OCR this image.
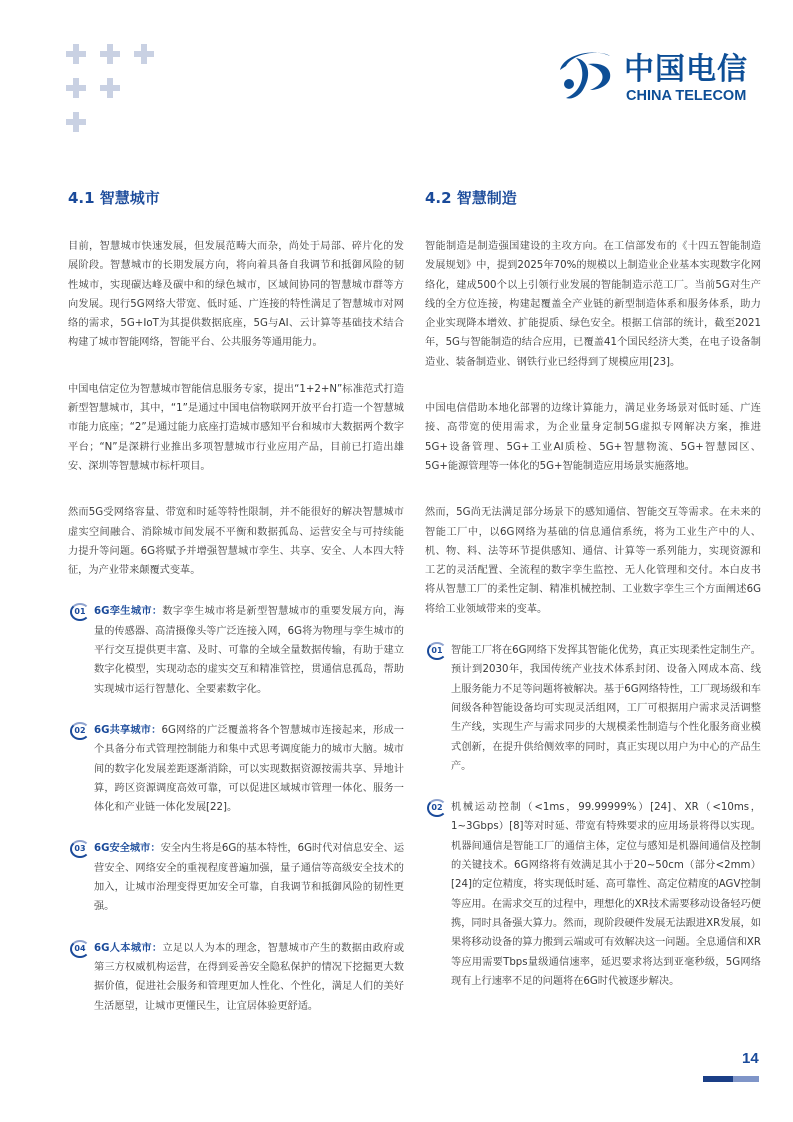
中国电信
CHINA TELECOM
4.1 智慧城市

目前，智慧城市快速发展，但发展范畴大而杂，尚处于局部、碎片化的发展阶段。智慧城市的长期发展方向，将向着具备自我调节和抵御风险的韧性城市，实现碳达峰及碳中和的绿色城市，区域间协同的智慧城市群等方向发展。现行5G网络大带宽、低时延、广连接的特性满足了智慧城市对网络的需求，5G+IoT为其提供数据底座，5G与AI、云计算等基础技术结合构建了城市智能网络，智能平台、公共服务等通用能力。

中国电信定位为智慧城市智能信息服务专家，提出“1+2+N”标准范式打造新型智慧城市，其中，“1”是通过中国电信物联网开放平台打造一个智慧城市能力底座；“2”是通过能力底座打造城市感知平台和城市大数据两个数字平台；“N”是深耕行业推出多项智慧城市行业应用产品，目前已打造出雄安、深圳等智慧城市标杆项目。

然而5G受网络容量、带宽和时延等特性限制，并不能很好的解决智慧城市虚实空间融合、消除城市间发展不平衡和数据孤岛、运营安全与可持续能力提升等问题。6G将赋予并增强智慧城市孪生、共享、安全、人本四大特征，为产业带来颠覆式变革。

01 6G孪生城市：数字孪生城市将是新型智慧城市的重要发展方向，海量的传感器、高清摄像头等广泛连接入网，6G将为物理与孪生城市的平行交互提供更丰富、及时、可靠的全域全量数据传输，有助于建立数字化模型，实现动态的虚实交互和精准管控，贯通信息孤岛，帮助实现城市运行智慧化、全要素数字化。
02 6G共享城市：6G网络的广泛覆盖将各个智慧城市连接起来，形成一个具备分布式管理控制能力和集中式思考调度能力的城市大脑。城市间的数字化发展差距逐渐消除，可以实现数据资源按需共享、异地计算，跨区资源调度高效可靠，可以促进区域城市管理一体化、服务一体化和产业链一体化发展[22]。
03 6G安全城市：安全内生将是6G的基本特性，6G时代对信息安全、运营安全、网络安全的重视程度普遍加强，量子通信等高级安全技术的加入，让城市治理变得更加安全可靠，自我调节和抵御风险的韧性更强。
04 6G人本城市：立足以人为本的理念，智慧城市产生的数据由政府或第三方权威机构运营，在得到妥善安全隐私保护的情况下挖掘更大数据价值，促进社会服务和管理更加人性化、个性化，满足人们的美好生活愿望，让城市更懂民生，让宜居体验更舒适。
4.2 智慧制造

智能制造是制造强国建设的主攻方向。在工信部发布的《十四五智能制造发展规划》中，提到2025年70%的规模以上制造业企业基本实现数字化网络化，建成500个以上引领行业发展的智能制造示范工厂。当前5G对生产线的全方位连接，构建起覆盖全产业链的新型制造体系和服务体系，助力企业实现降本增效、扩能提质、绿色安全。根据工信部的统计，截至2021年，5G与智能制造的结合应用，已覆盖41个国民经济大类，在电子设备制造业、装备制造业、钢铁行业已经得到了规模应用[23]。

中国电信借助本地化部署的边缘计算能力，满足业务场景对低时延、广连接、高带宽的使用需求，为企业量身定制5G虚拟专网解决方案，推进5G+设备管理、5G+工业AI质检、5G+智慧物流、5G+智慧园区、5G+能源管理等一体化的5G+智能制造应用场景实施落地。

然而，5G尚无法满足部分场景下的感知通信、智能交互等需求。在未来的智能工厂中，以6G网络为基础的信息通信系统，将为工业生产中的人、机、物、料、法等环节提供感知、通信、计算等一系列能力，实现资源和工艺的灵活配置、全流程的数字孪生监控、无人化管理和交付。本白皮书将从智慧工厂的柔性定制、精准机械控制、工业数字孪生三个方面阐述6G将给工业领域带来的变革。

01 智能工厂将在6G网络下发挥其智能化优势，真正实现柔性定制生产。预计到2030年，我国传统产业技术体系封闭、设备入网成本高、线上服务能力不足等问题将被解决。基于6G网络特性，工厂现场级和车间级各种智能设备均可实现灵活组网，工厂可根据用户需求灵活调整生产线，实现生产与需求同步的大规模柔性制造与个性化服务商业模式创新，在提升供给侧效率的同时，真正实现以用户为中心的产品生产。
02 机械运动控制（<1ms，99.99999%）[24]、XR（<10ms，1~3Gbps）[8]等对时延、带宽有特殊要求的应用场景将得以实现。机器间通信是智能工厂的通信主体，定位与感知是机器间通信及控制的关键技术。6G网络将有效满足其小于20~50cm（部分<2mm）[24]的定位精度，将实现低时延、高可靠性、高定位精度的AGV控制等应用。在需求交互的过程中，理想化的XR技术需要移动设备轻巧便携，同时具备强大算力。然而，现阶段硬件发展无法跟进XR发展，如果将移动设备的算力搬到云端或可有效解决这一问题。全息通信和XR等应用需要Tbps量级通信速率，延迟要求将达到亚毫秒级，5G网络现有上行速率不足的问题将在6G时代被逐步解决。
14
